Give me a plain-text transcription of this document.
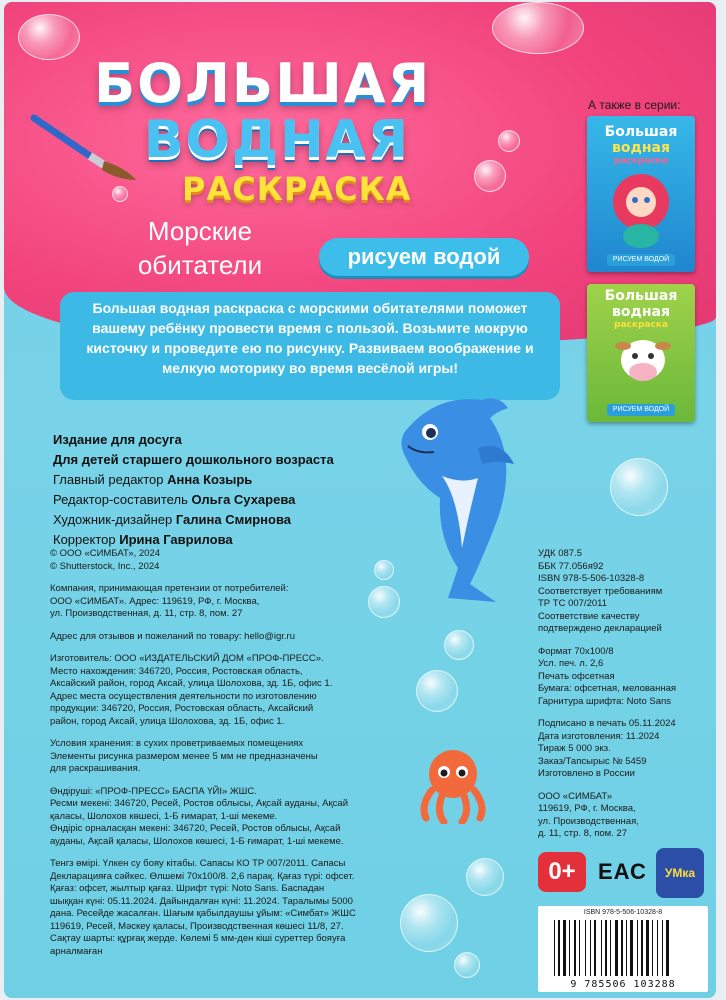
БОЛЬШАЯ
ВОДНАЯ
РАСКРАСКА
Морские обитатели	рисуем водой
А также в серии:
Большая
водная
раскраска
РИСУЕМ ВОДОЙ
Большая
водная
раскраска
РИСУЕМ ВОДОЙ

Большая водная раскраска с морскими обитателями поможет вашему ребёнку провести время с пользой. Возьмите мокрую кисточку и проведите ею по рисунку. Развиваем воображение и мелкую моторику во время весёлой игры!

Издание для досуга
Для детей старшего дошкольного возраста
Главный редактор Анна Козырь
Редактор-составитель Ольга Сухарева
Художник-дизайнер Галина Смирнова
Корректор Ирина Гаврилова

© ООО «СИМБАТ», 2024
© Shutterstock, Inc., 2024

Компания, принимающая претензии от потребителей:
ООО «СИМБАТ». Адрес: 119619, РФ, г. Москва,
ул. Производственная, д. 11, стр. 8, пом. 27

Адрес для отзывов и пожеланий по товару: hello@igr.ru

Изготовитель: ООО «ИЗДАТЕЛЬСКИЙ ДОМ «ПРОФ-ПРЕСС».
Место нахождения: 346720, Россия, Ростовская область,
Аксайский район, город Аксай, улица Шолохова, зд. 1Б, офис 1.
Адрес места осуществления деятельности по изготовлению
продукции: 346720, Россия, Ростовская область, Аксайский
район, город Аксай, улица Шолохова, зд. 1Б, офис 1.

Условия хранения: в сухих проветриваемых помещениях
Элементы рисунка размером менее 5 мм не предназначены
для раскрашивания.

Өндіруші: «ПРОФ-ПРЕСС» БАСПА ҮЙІ» ЖШС.
Ресми мекені: 346720, Ресей, Ростов облысы, Ақсай ауданы, Ақсай
қаласы, Шолохов көшесі, 1-Б ғимарат, 1-ші мекеме.
Өндіріс орналасқан мекені: 346720, Ресей, Ростов облысы, Ақсай
ауданы, Ақсай қаласы, Шолохов көшесі, 1-Б ғимарат, 1-ші мекеме.

Тенгз өмірі. Үлкен су бояу кітабы. Сапасы КО ТР 007/2011. Сапасы
Декларацияға сәйкес. Өлшемі 70х100/8. 2,6 парақ. Қағаз түрі: офсет.
Қағаз: офсет, жылтыр қағаз. Шрифт түрі: Noto Sans. Баспадан
шыққан күні: 05.11.2024. Дайындалған күні: 11.2024. Таралымы 5000
дана. Ресейде жасалған. Шағым қабылдаушы ұйым: «Симбат» ЖШС
119619, Ресей, Мәскеу қаласы, Производственная көшесі 11/8, 27.
Сақтау шарты: құрғақ жерде. Көлемі 5 мм-ден кіші суреттер бояуға
арналмаған

УДК 087.5
ББК 77.056я92
ISBN 978-5-506-10328-8
Соответствует требованиям
ТР ТС 007/2011
Соответствие качеству
подтверждено декларацией

Формат 70х100/8
Усл. печ. л. 2,6
Печать офсетная
Бумага: офсетная, мелованная
Гарнитура шрифта: Noto Sans

Подписано в печать 05.11.2024
Дата изготовления: 11.2024
Тираж 5 000 экз.
Заказ/Тапсырыс № 5459
Изготовлено в России

ООО «СИМБАТ»
119619, РФ, г. Москва,
ул. Производственная,
д. 11, стр. 8, пом. 27

0+	ЕАС	УМка
ISBN 978-5-506-10328-8
9 785506 103288
